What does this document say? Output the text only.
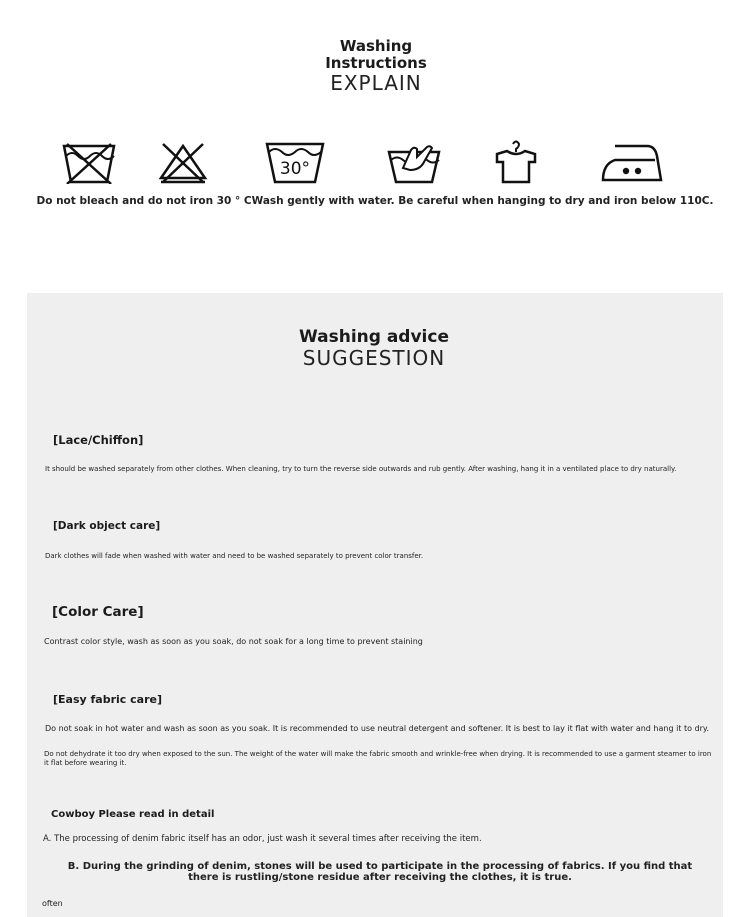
Washing Instructions
EXPLAIN
30°
Do not bleach and do not iron 30 ° CWash gently with water. Be careful when hanging to dry and iron below 110C.
Washing advice
SUGGESTION
[Lace/Chiffon]
It should be washed separately from other clothes. When cleaning, try to turn the reverse side outwards and rub gently. After washing, hang it in a ventilated place to dry naturally.
[Dark object care]
Dark clothes will fade when washed with water and need to be washed separately to prevent color transfer.
[Color Care]
Contrast color style, wash as soon as you soak, do not soak for a long time to prevent staining
[Easy fabric care]
Do not soak in hot water and wash as soon as you soak. It is recommended to use neutral detergent and softener. It is best to lay it flat with water and hang it to dry.
Do not dehydrate it too dry when exposed to the sun. The weight of the water will make the fabric smooth and wrinkle-free when drying. It is recommended to use a garment steamer to iron it flat before wearing it.
Cowboy Please read in detail
A. The processing of denim fabric itself has an odor, just wash it several times after receiving the item.
B. During the grinding of denim, stones will be used to participate in the processing of fabrics. If you find that there is rustling/stone residue after receiving the clothes, it is true.
often
